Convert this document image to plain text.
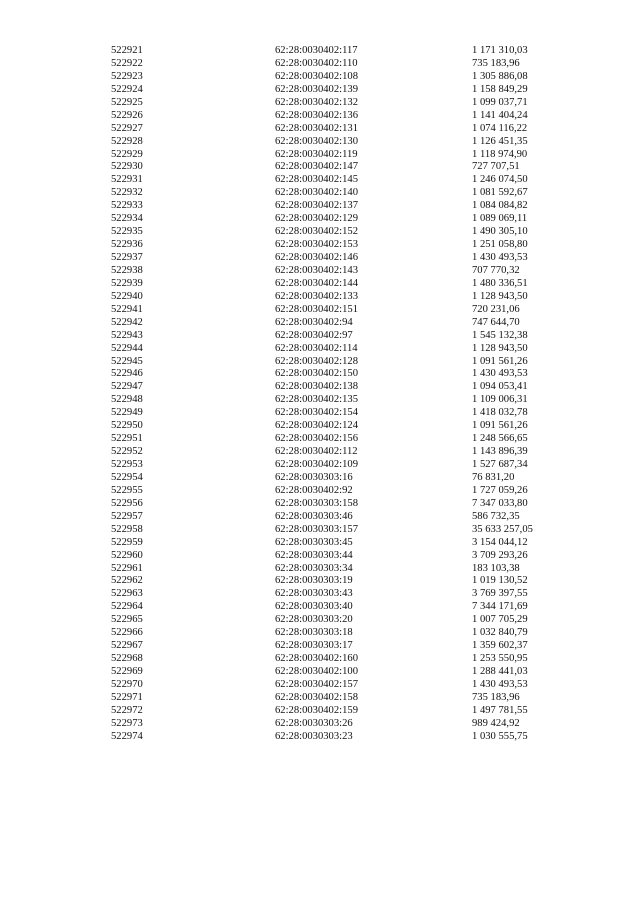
522921	62:28:0030402:117	1 171 310,03
522922	62:28:0030402:110	735 183,96
522923	62:28:0030402:108	1 305 886,08
522924	62:28:0030402:139	1 158 849,29
522925	62:28:0030402:132	1 099 037,71
522926	62:28:0030402:136	1 141 404,24
522927	62:28:0030402:131	1 074 116,22
522928	62:28:0030402:130	1 126 451,35
522929	62:28:0030402:119	1 118 974,90
522930	62:28:0030402:147	727 707,51
522931	62:28:0030402:145	1 246 074,50
522932	62:28:0030402:140	1 081 592,67
522933	62:28:0030402:137	1 084 084,82
522934	62:28:0030402:129	1 089 069,11
522935	62:28:0030402:152	1 490 305,10
522936	62:28:0030402:153	1 251 058,80
522937	62:28:0030402:146	1 430 493,53
522938	62:28:0030402:143	707 770,32
522939	62:28:0030402:144	1 480 336,51
522940	62:28:0030402:133	1 128 943,50
522941	62:28:0030402:151	720 231,06
522942	62:28:0030402:94	747 644,70
522943	62:28:0030402:97	1 545 132,38
522944	62:28:0030402:114	1 128 943,50
522945	62:28:0030402:128	1 091 561,26
522946	62:28:0030402:150	1 430 493,53
522947	62:28:0030402:138	1 094 053,41
522948	62:28:0030402:135	1 109 006,31
522949	62:28:0030402:154	1 418 032,78
522950	62:28:0030402:124	1 091 561,26
522951	62:28:0030402:156	1 248 566,65
522952	62:28:0030402:112	1 143 896,39
522953	62:28:0030402:109	1 527 687,34
522954	62:28:0030303:16	76 831,20
522955	62:28:0030402:92	1 727 059,26
522956	62:28:0030303:158	7 347 033,80
522957	62:28:0030303:46	586 732,35
522958	62:28:0030303:157	35 633 257,05
522959	62:28:0030303:45	3 154 044,12
522960	62:28:0030303:44	3 709 293,26
522961	62:28:0030303:34	183 103,38
522962	62:28:0030303:19	1 019 130,52
522963	62:28:0030303:43	3 769 397,55
522964	62:28:0030303:40	7 344 171,69
522965	62:28:0030303:20	1 007 705,29
522966	62:28:0030303:18	1 032 840,79
522967	62:28:0030303:17	1 359 602,37
522968	62:28:0030402:160	1 253 550,95
522969	62:28:0030402:100	1 288 441,03
522970	62:28:0030402:157	1 430 493,53
522971	62:28:0030402:158	735 183,96
522972	62:28:0030402:159	1 497 781,55
522973	62:28:0030303:26	989 424,92
522974	62:28:0030303:23	1 030 555,75
